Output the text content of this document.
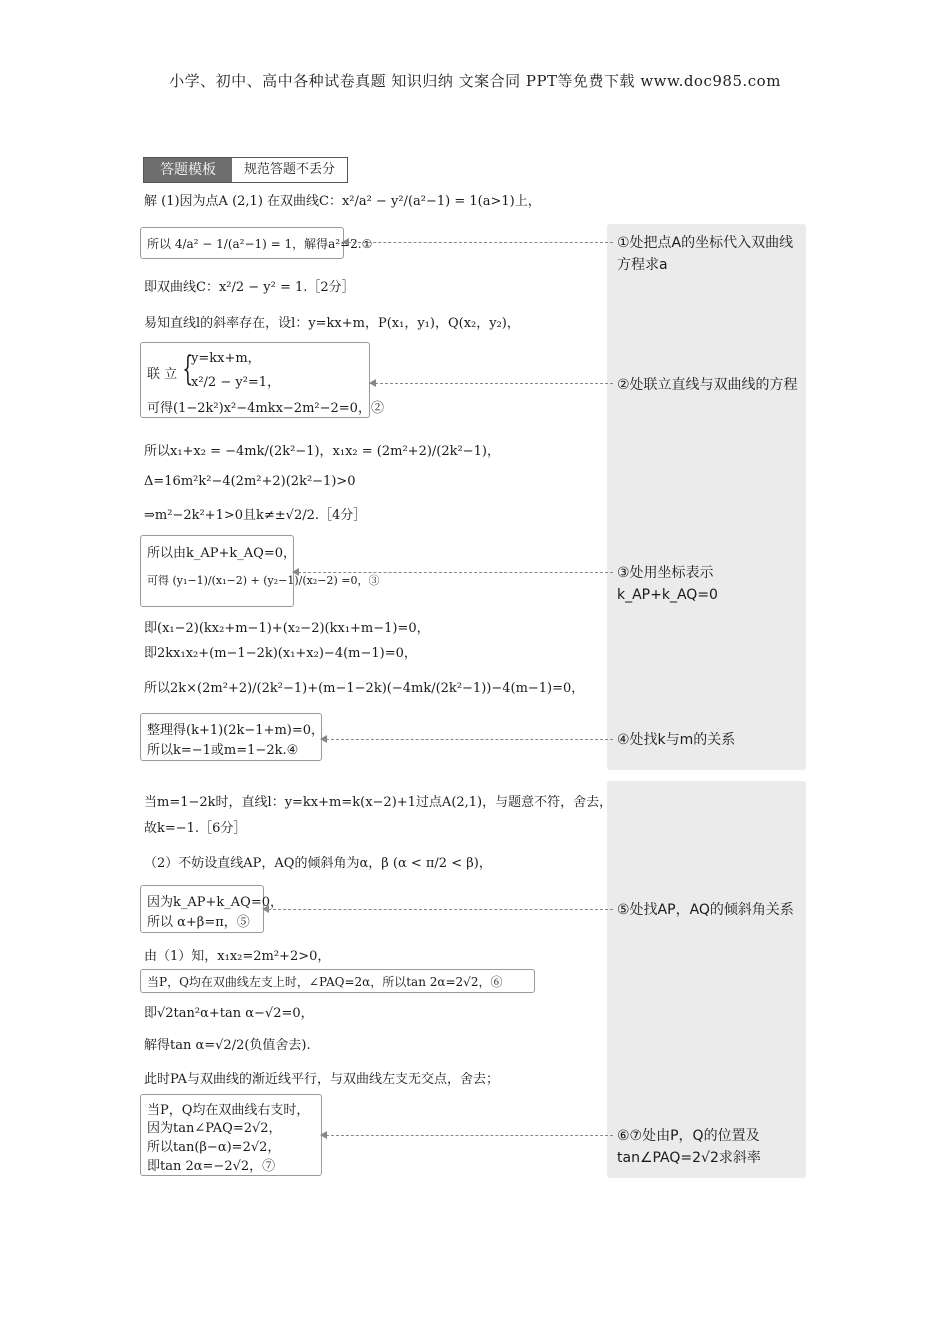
小学、初中、高中各种试卷真题 知识归纳 文案合同 PPT等免费下载 www.doc985.com
答题模板	规范答题不丢分
解 (1)因为点A (2,1) 在双曲线C：x²/a² − y²/(a²−1) = 1(a>1)上，
所以 4/a² − 1/(a²−1) = 1，解得a²=2.①
即双曲线C：x²/2 − y² = 1.［2分］
易知直线l的斜率存在，设l：y=kx+m，P(x₁，y₁)，Q(x₂，y₂)，
联 立 {
y=kx+m，
x²/2 − y²=1，
可得(1−2k²)x²−4mkx−2m²−2=0，②
所以x₁+x₂ = −4mk/(2k²−1)，x₁x₂ = (2m²+2)/(2k²−1)，
Δ=16m²k²−4(2m²+2)(2k²−1)>0
⇒m²−2k²+1>0且k≠±√2/2.［4分］
所以由k_AP+k_AQ=0，
可得 (y₁−1)/(x₁−2) + (y₂−1)/(x₂−2) =0，③
即(x₁−2)(kx₂+m−1)+(x₂−2)(kx₁+m−1)=0，
即2kx₁x₂+(m−1−2k)(x₁+x₂)−4(m−1)=0，
所以2k×(2m²+2)/(2k²−1)+(m−1−2k)(−4mk/(2k²−1))−4(m−1)=0，
整理得(k+1)(2k−1+m)=0，
所以k=−1或m=1−2k.④
当m=1−2k时，直线l：y=kx+m=k(x−2)+1过点A(2,1)，与题意不符，舍去，
故k=−1.［6分］
（2）不妨设直线AP，AQ的倾斜角为α，β (α < π/2 < β)，
因为k_AP+k_AQ=0，
所以 α+β=π，⑤
由（1）知，x₁x₂=2m²+2>0，
当P，Q均在双曲线左支上时，∠PAQ=2α，所以tan 2α=2√2，⑥
即√2tan²α+tan α−√2=0，
解得tan α=√2/2(负值舍去).
此时PA与双曲线的渐近线平行，与双曲线左支无交点，舍去；
当P，Q均在双曲线右支时，
因为tan∠PAQ=2√2，
所以tan(β−α)=2√2，
即tan 2α=−2√2，⑦
①处把点A的坐标代入双曲线方程求a
②处联立直线与双曲线的方程
③处用坐标表示k_AP+k_AQ=0
④处找k与m的关系
⑤处找AP，AQ的倾斜角关系
⑥⑦处由P，Q的位置及tan∠PAQ=2√2求斜率
